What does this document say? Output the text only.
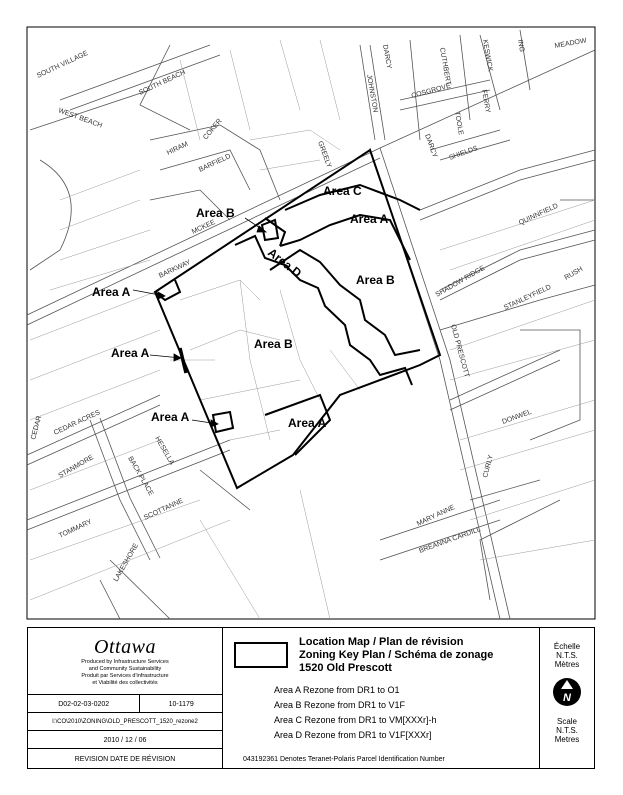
SOUTH VILLAGE
SOUTH BEACH
WEST BEACH
DARCY
JOHNSTON
CUTHBERT	KESWICK	ING	MEADOW
COSGROVE	FERRY
TOOLE
DARCY SHIELDS
COKER
HIRAM
BARFIELD	GREELY
MCKEE
BARKWAY
QUINNFIELD
SHADOW RIDGE	RUSH
STANLEYFIELD
OLD PRESCOTT
DONWEL
CEDAR ACRES
CEDAR
HESELLA
STANMORE	BACK PLACE
TOMMARY
SCOTTANNE
LAKESHORE
MARY ANNE
BREANNA CARDILL
CURLY
Area C
Area A
Area B
Area D	Area B
Area B
Area A
Area A
Area A
Area A
Ottawa
Produced by Infrastructure Services
and Community Sustainability
Produit par Services d'infrastructure
et Viabilité des collectivités
D02-02-03-0202	10-1179
I:\CO\2010\ZONING\OLD_PRESCOTT_1520_rezone2
2010 / 12 / 06
REVISION DATE DE RÉVISION
Location Map / Plan de révision
Zoning Key Plan / Schéma de zonage
1520 Old Prescott
Area A Rezone from DR1 to O1
Area B Rezone from DR1 to V1F
Area C Rezone from DR1 to VM[XXXr]-h
Area D Rezone from DR1 to V1F[XXXr]
043192361 Denotes Teranet-Polaris Parcel Identification Number
Échelle
N.T.S.
Mètres
N
Scale
N.T.S.
Metres
